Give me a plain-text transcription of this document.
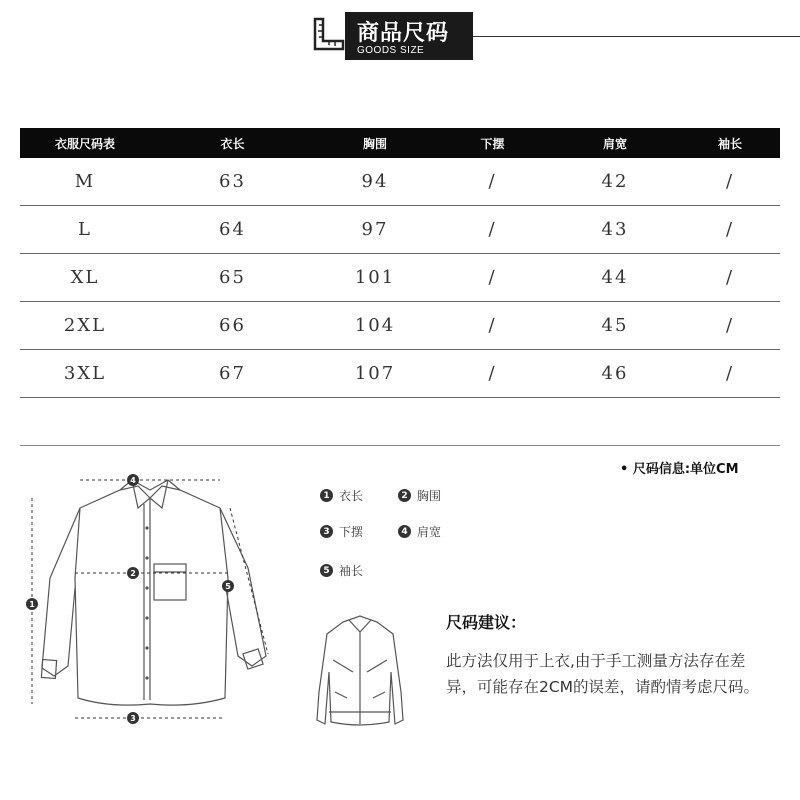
商品尺码
GOODS SIZE
衣服尺码表	衣长	胸围	下摆	肩宽	袖长
M	63	94	/	42	/
L	64	97	/	43	/
XL	65	101	/	44	/
2XL	66	104	/	45	/
3XL	67	107	/	46	/
• 尺码信息:单位CM
1
2
3
4
5
1 衣长	2 胸围
3 下摆	4 肩宽
5 袖长
尺码建议：
此方法仅用于上衣,由于手工测量方法存在差异，可能存在2CM的误差，请酌情考虑尺码。
